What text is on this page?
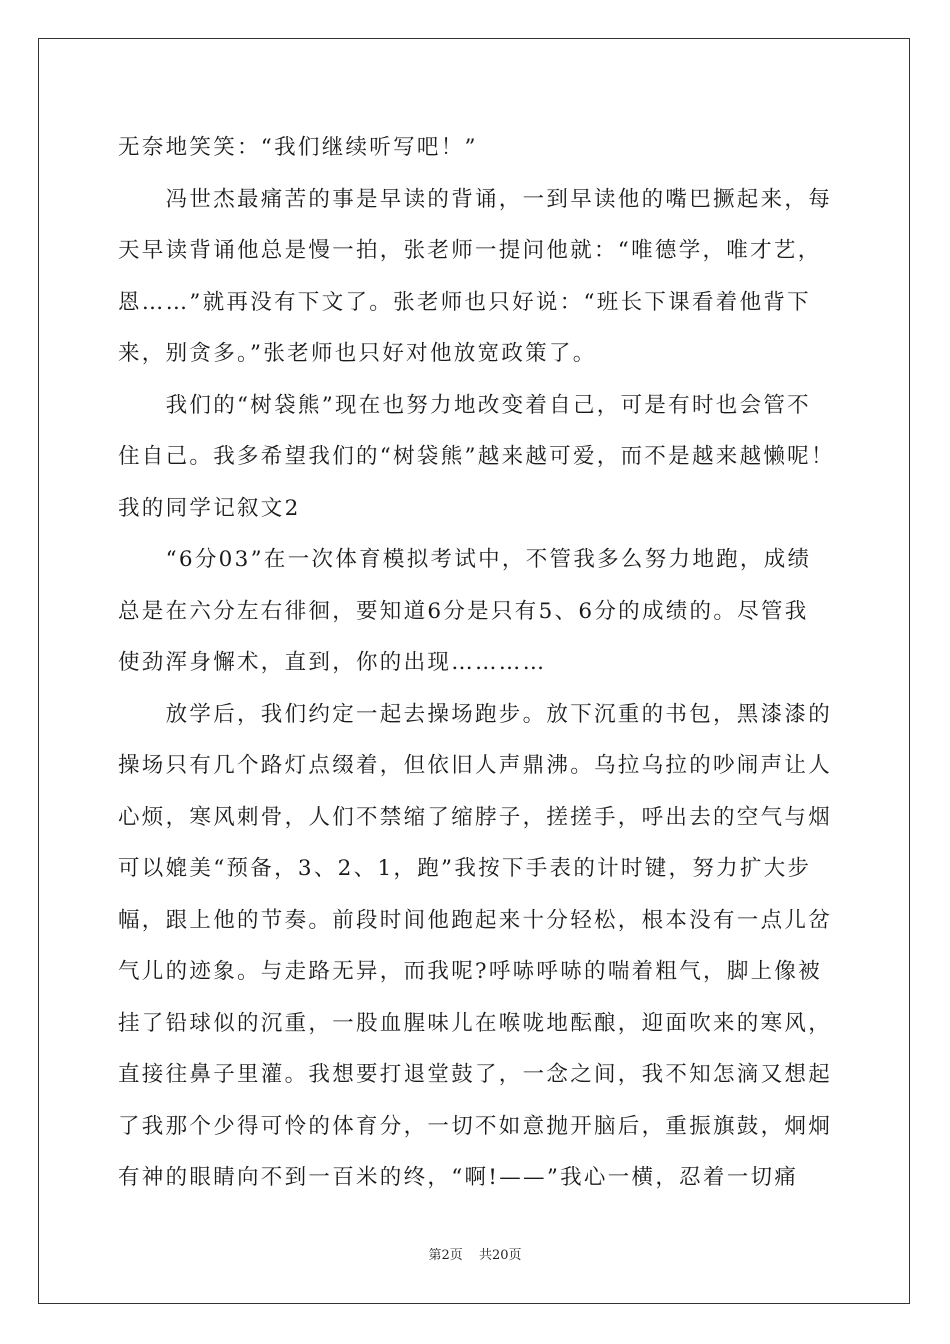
无奈地笑笑：“我们继续听写吧！”
　　冯世杰最痛苦的事是早读的背诵，一到早读他的嘴巴撅起来，每
天早读背诵他总是慢一拍，张老师一提问他就：“唯德学，唯才艺，
恩……”就再没有下文了。张老师也只好说：“班长下课看着他背下
来，别贪多。”张老师也只好对他放宽政策了。
　　我们的“树袋熊”现在也努力地改变着自己，可是有时也会管不
住自己。我多希望我们的“树袋熊”越来越可爱，而不是越来越懒呢！
我的同学记叙文2
　　“6分03”在一次体育模拟考试中，不管我多么努力地跑，成绩
总是在六分左右徘徊，要知道6分是只有5、6分的成绩的。尽管我
使劲浑身懈术，直到，你的出现…………
　　放学后，我们约定一起去操场跑步。放下沉重的书包，黑漆漆的
操场只有几个路灯点缀着，但依旧人声鼎沸。乌拉乌拉的吵闹声让人
心烦，寒风刺骨，人们不禁缩了缩脖子，搓搓手，呼出去的空气与烟
可以媲美“预备，3、2、1，跑”我按下手表的计时键，努力扩大步
幅，跟上他的节奏。前段时间他跑起来十分轻松，根本没有一点儿岔
气儿的迹象。与走路无异，而我呢?呼哧呼哧的喘着粗气，脚上像被
挂了铅球似的沉重，一股血腥味儿在喉咙地酝酿，迎面吹来的寒风，
直接往鼻子里灌。我想要打退堂鼓了，一念之间，我不知怎滴又想起
了我那个少得可怜的体育分，一切不如意抛开脑后，重振旗鼓，炯炯
有神的眼睛向不到一百米的终，“啊!——”我心一横，忍着一切痛
第2页 共20页
